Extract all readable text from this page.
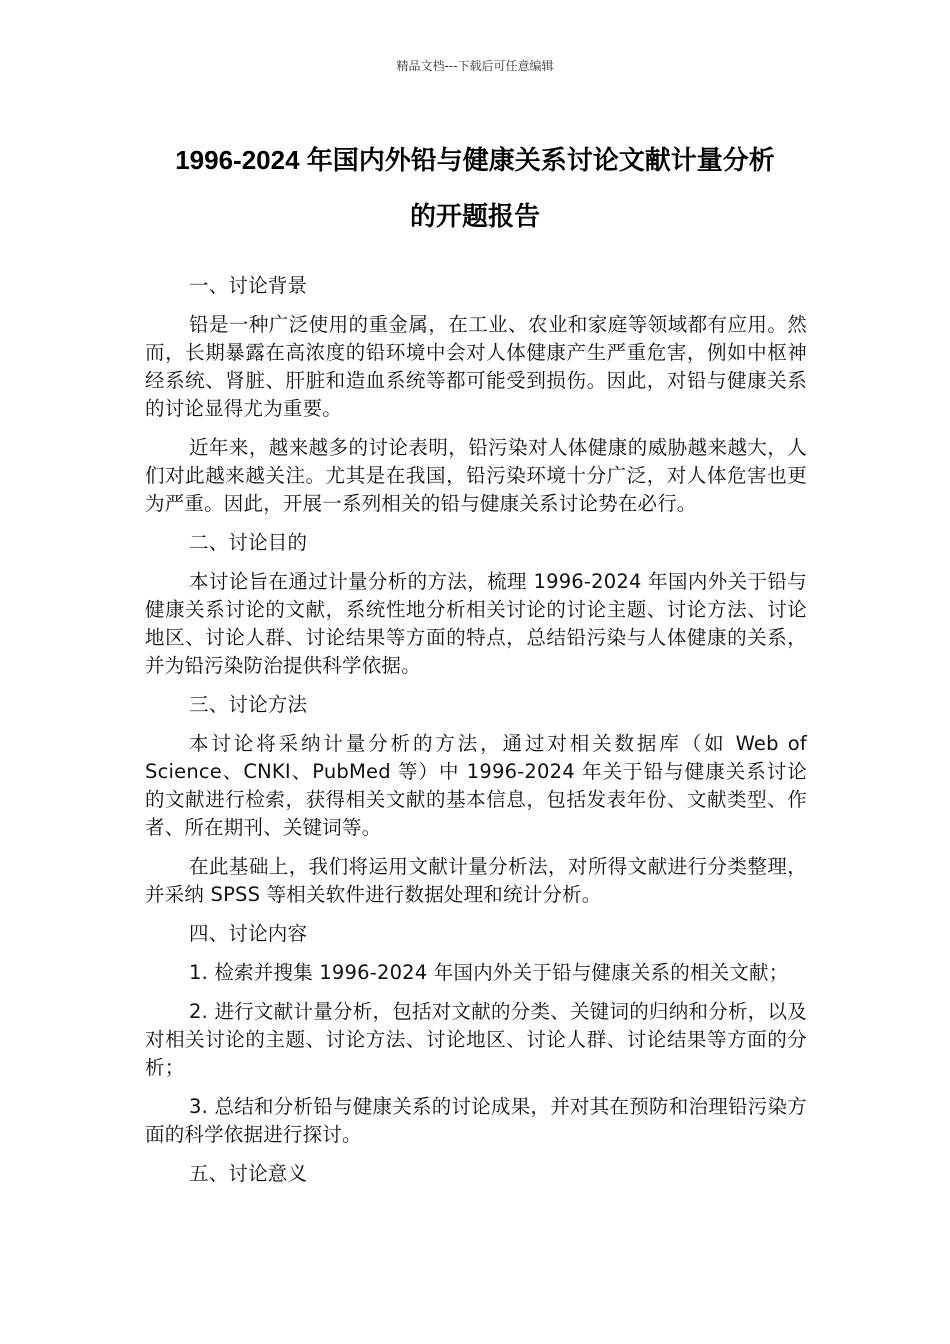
精品文档---下载后可任意编辑
1996-2024 年国内外铅与健康关系讨论文献计量分析
的开题报告

一、讨论背景

铅是一种广泛使用的重金属，在工业、农业和家庭等领域都有应用。然而，长期暴露在高浓度的铅环境中会对人体健康产生严重危害，例如中枢神经系统、肾脏、肝脏和造血系统等都可能受到损伤。因此，对铅与健康关系的讨论显得尤为重要。

近年来，越来越多的讨论表明，铅污染对人体健康的威胁越来越大，人们对此越来越关注。尤其是在我国，铅污染环境十分广泛，对人体危害也更为严重。因此，开展一系列相关的铅与健康关系讨论势在必行。

二、讨论目的

本讨论旨在通过计量分析的方法，梳理 1996-2024 年国内外关于铅与健康关系讨论的文献，系统性地分析相关讨论的讨论主题、讨论方法、讨论地区、讨论人群、讨论结果等方面的特点，总结铅污染与人体健康的关系，并为铅污染防治提供科学依据。

三、讨论方法

本讨论将采纳计量分析的方法，通过对相关数据库（如 Web of Science、CNKI、PubMed 等）中 1996-2024 年关于铅与健康关系讨论的文献进行检索，获得相关文献的基本信息，包括发表年份、文献类型、作者、所在期刊、关键词等。

在此基础上，我们将运用文献计量分析法，对所得文献进行分类整理，并采纳 SPSS 等相关软件进行数据处理和统计分析。

四、讨论内容

1. 检索并搜集 1996-2024 年国内外关于铅与健康关系的相关文献；

2. 进行文献计量分析，包括对文献的分类、关键词的归纳和分析，以及对相关讨论的主题、讨论方法、讨论地区、讨论人群、讨论结果等方面的分析；

3. 总结和分析铅与健康关系的讨论成果，并对其在预防和治理铅污染方面的科学依据进行探讨。

五、讨论意义
